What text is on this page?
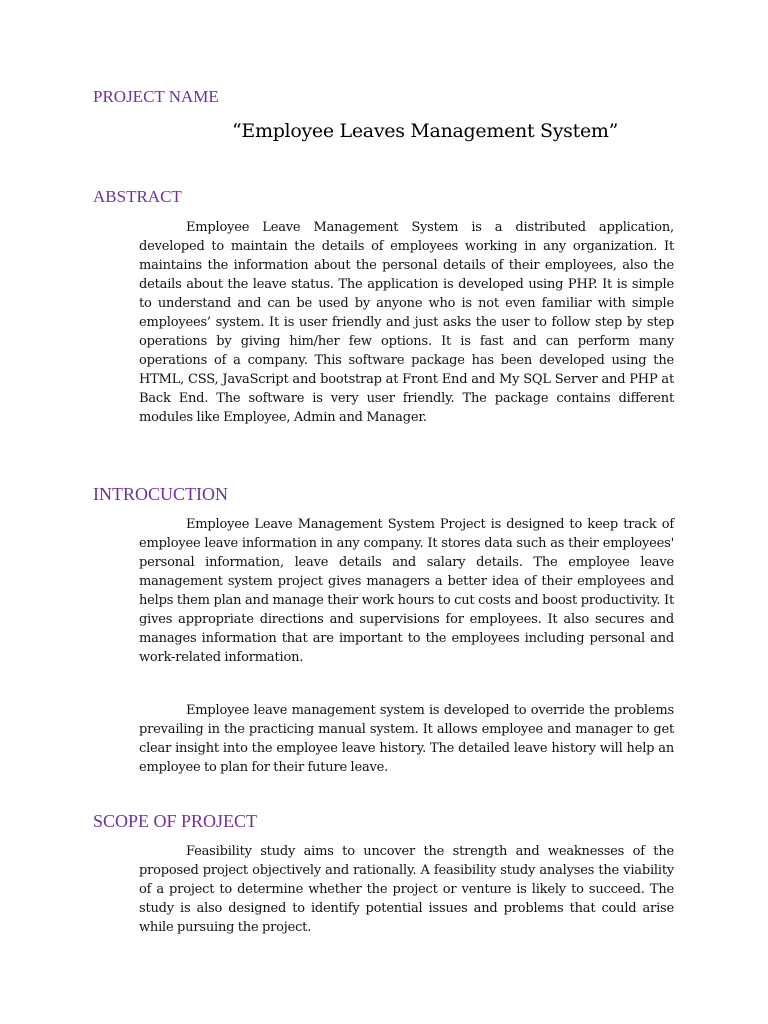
PROJECT NAME
“Employee Leaves Management System”
ABSTRACT

Employee Leave Management System is a distributed application, developed to maintain the details of employees working in any organization. It maintains the information about the personal details of their employees, also the details about the leave status. The application is developed using PHP. It is simple to understand and can be used by anyone who is not even familiar with simple employees’ system. It is user friendly and just asks the user to follow step by step operations by giving him/her few options. It is fast and can perform many operations of a company. This software package has been developed using the HTML, CSS, JavaScript and bootstrap at Front End and My SQL Server and PHP at Back End. The software is very user friendly. The package contains different modules like Employee, Admin and Manager.

INTROCUCTION

Employee Leave Management System Project is designed to keep track of employee leave information in any company. It stores data such as their employees' personal information, leave details and salary details. The employee leave management system project gives managers a better idea of their employees and helps them plan and manage their work hours to cut costs and boost productivity. It gives appropriate directions and supervisions for employees. It also secures and manages information that are important to the employees including personal and work-related information.

Employee leave management system is developed to override the problems prevailing in the practicing manual system. It allows employee and manager to get clear insight into the employee leave history. The detailed leave history will help an employee to plan for their future leave.

SCOPE OF PROJECT

Feasibility study aims to uncover the strength and weaknesses of the proposed project objectively and rationally. A feasibility study analyses the viability of a project to determine whether the project or venture is likely to succeed. The study is also designed to identify potential issues and problems that could arise while pursuing the project.
